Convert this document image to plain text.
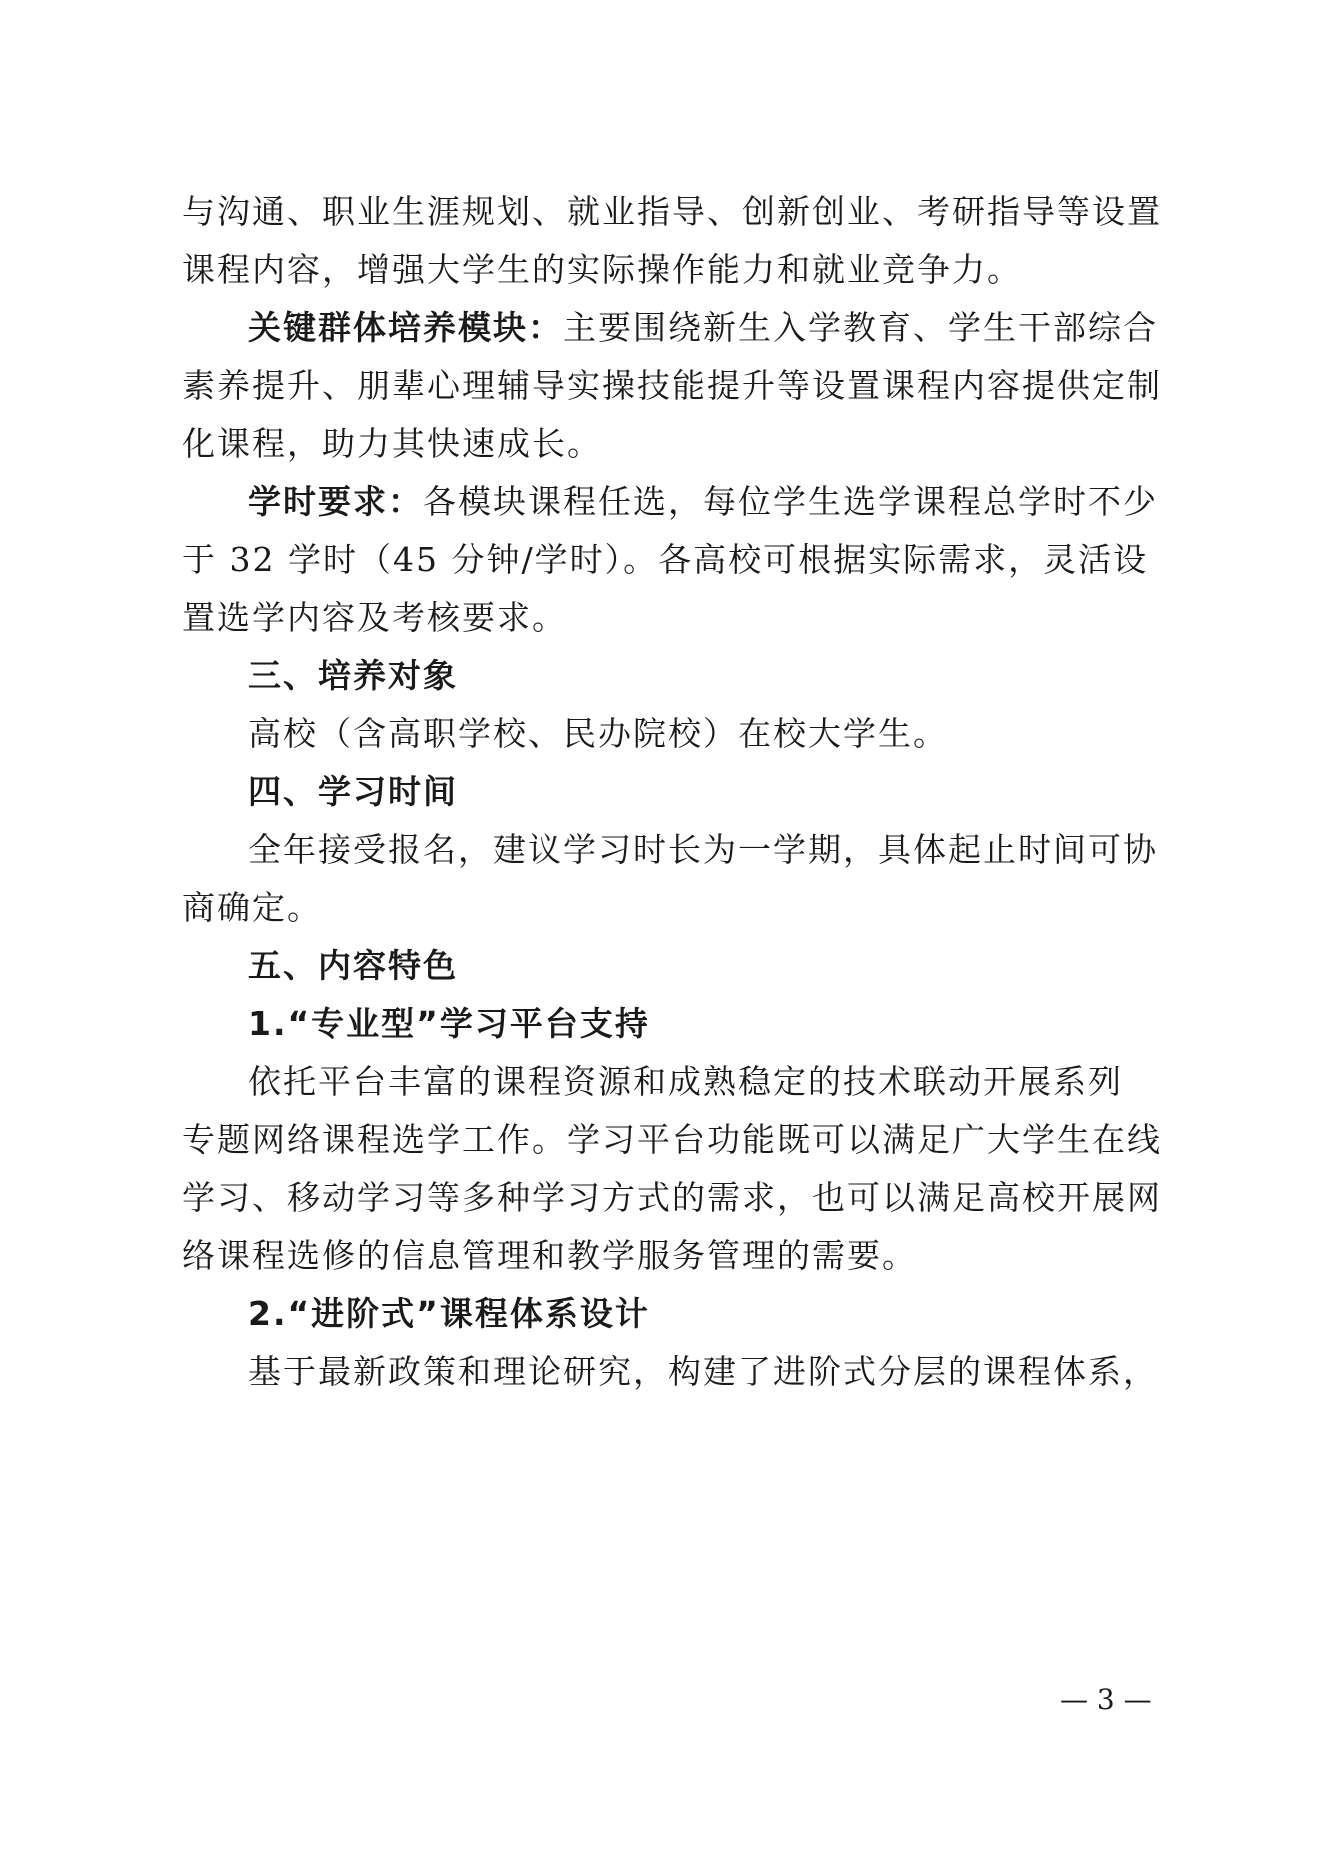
与沟通、职业生涯规划、就业指导、创新创业、考研指导等设置
课程内容，增强大学生的实际操作能力和就业竞争力。
关键群体培养模块：主要围绕新生入学教育、学生干部综合
素养提升、朋辈心理辅导实操技能提升等设置课程内容提供定制
化课程，助力其快速成长。
学时要求：各模块课程任选，每位学生选学课程总学时不少
于 32 学时（45 分钟/学时）。各高校可根据实际需求，灵活设
置选学内容及考核要求。
三、培养对象
高校（含高职学校、民办院校）在校大学生。
四、学习时间
全年接受报名，建议学习时长为一学期，具体起止时间可协
商确定。
五、内容特色
1.“专业型”学习平台支持
依托平台丰富的课程资源和成熟稳定的技术联动开展系列
专题网络课程选学工作。学习平台功能既可以满足广大学生在线
学习、移动学习等多种学习方式的需求，也可以满足高校开展网
络课程选修的信息管理和教学服务管理的需要。
2.“进阶式”课程体系设计
基于最新政策和理论研究，构建了进阶式分层的课程体系，
— 3 —
